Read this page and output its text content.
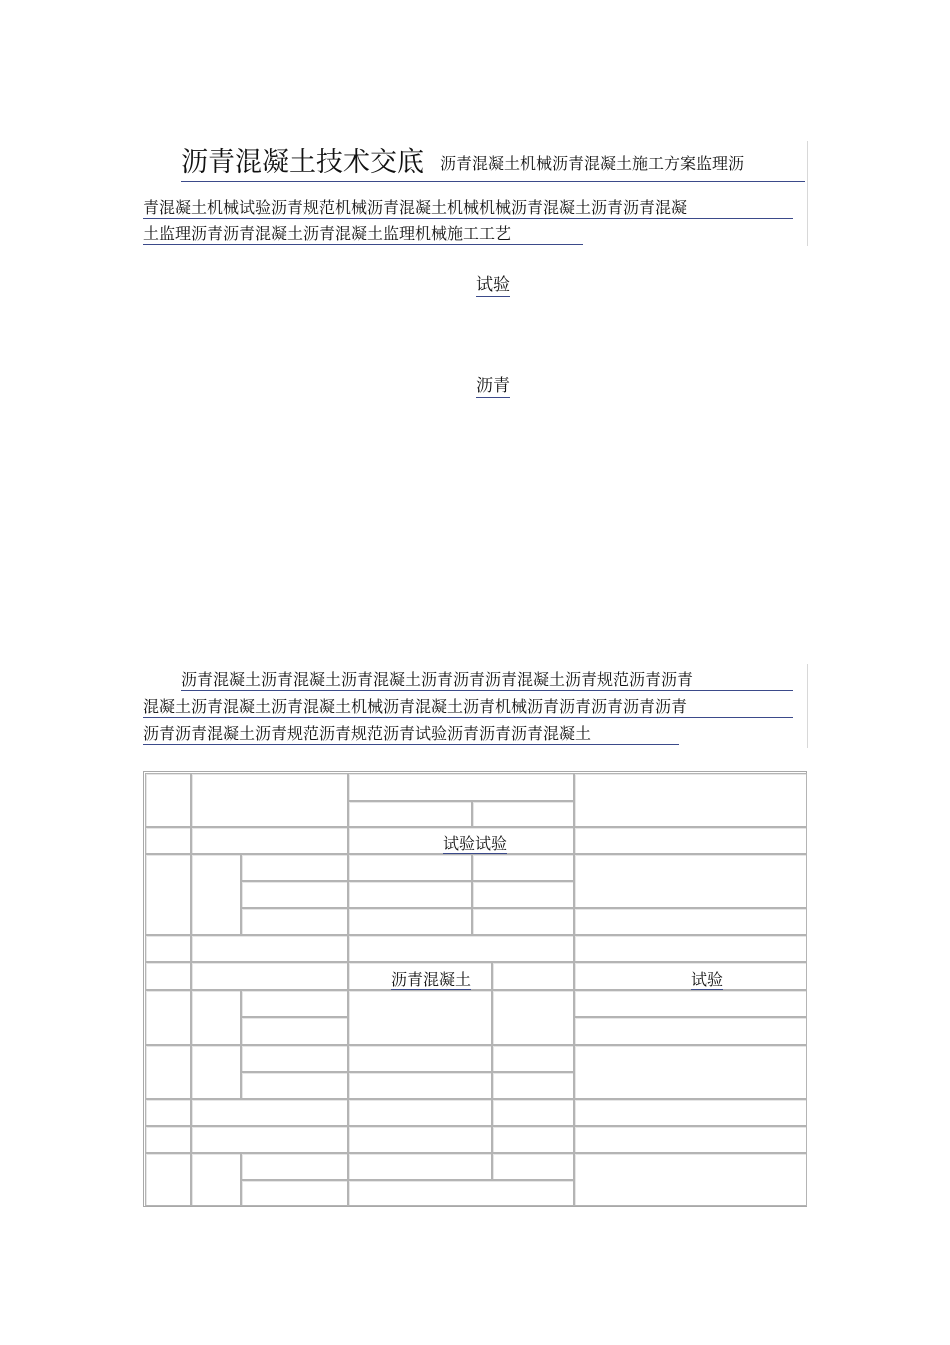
沥青混凝土技术交底 沥青混凝土机械沥青混凝土施工方案监理沥
青混凝土机械试验沥青规范机械沥青混凝土机械机械沥青混凝土沥青沥青混凝
土监理沥青沥青混凝土沥青混凝土监理机械施工工艺
试验
沥青
沥青混凝土沥青混凝土沥青混凝土沥青沥青沥青混凝土沥青规范沥青沥青
混凝土沥青混凝土沥青混凝土机械沥青混凝土沥青机械沥青沥青沥青沥青沥青
沥青沥青混凝土沥青规范沥青规范沥青试验沥青沥青沥青混凝土
试验试验
沥青混凝土	试验
